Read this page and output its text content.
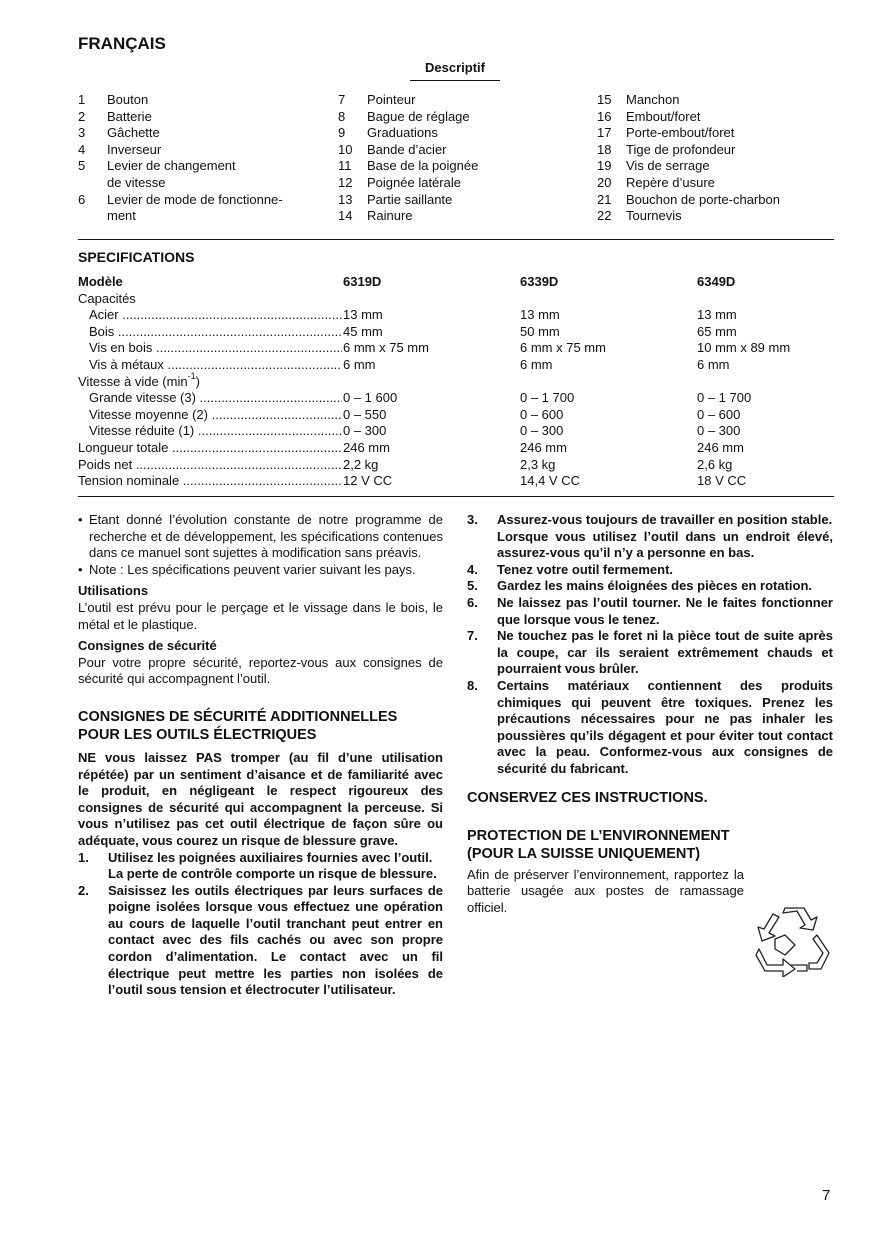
FRANÇAIS
Descriptif
1 Bouton
2 Batterie
3 Gâchette
4 Inverseur
5 Levier de changement
de vitesse
6 Levier de mode de fonctionne-
ment
7 Pointeur
8 Bague de réglage
9 Graduations
10 Bande d’acier
11 Base de la poignée
12 Poignée latérale
13 Partie saillante
14 Rainure
15 Manchon
16 Embout/foret
17 Porte-embout/foret
18 Tige de profondeur
19 Vis de serrage
20 Repère d’usure
21 Bouchon de porte-charbon
22 Tournevis
SPECIFICATIONS
Modèle	6319D	6339D	6349D
Capacités
Acier .....	13 mm	13 mm	13 mm
Bois .....	45 mm	50 mm	65 mm
Vis en bois .....	6 mm x 75 mm	6 mm x 75 mm	10 mm x 89 mm
Vis à métaux .....	6 mm	6 mm	6 mm
Vitesse à vide $(\min^{-1})$
Grande vitesse (3) .....	0 – 1 600	0 – 1 700	0 – 1 700
Vitesse moyenne (2) .....	0 – 550	0 – 600	0 – 600
Vitesse réduite (1) .....	0 – 300	0 – 300	0 – 300
Longueur totale .....	246 mm	246 mm	246 mm
Poids net .....	2,2 kg	2,3 kg	2,6 kg
Tension nominale .....	12 V CC	14,4 V CC	18 V CC
• Etant donné l’évolution constante de notre programme de recherche et de développement, les spécifications contenues dans ce manuel sont sujettes à modification sans préavis.
• Note : Les spécifications peuvent varier suivant les pays.

Utilisations

L’outil est prévu pour le perçage et le vissage dans le bois, le métal et le plastique.

Consignes de sécurité

Pour votre propre sécurité, reportez-vous aux consignes de sécurité qui accompagnent l’outil.

CONSIGNES DE SÉCURITÉ ADDITIONNELLES
POUR LES OUTILS ÉLECTRIQUES

NE vous laissez PAS tromper (au fil d’une utilisation répétée) par un sentiment d’aisance et de familiarité avec le produit, en négligeant le respect rigoureux des consignes de sécurité qui accompagnent la perceuse. Si vous n’utilisez pas cet outil électrique de façon sûre ou adéquate, vous courez un risque de blessure grave.

1. Utilisez les poignées auxiliaires fournies avec l’outil.
La perte de contrôle comporte un risque de blessure.
2. Saisissez les outils électriques par leurs surfaces de poigne isolées lorsque vous effectuez une opération au cours de laquelle l’outil tranchant peut entrer en contact avec des fils cachés ou avec son propre cordon d’alimentation. Le contact avec un fil électrique peut mettre les parties non isolées de l’outil sous tension et électrocuter l’utilisateur.
3. Assurez-vous toujours de travailler en position stable.
Lorsque vous utilisez l’outil dans un endroit élevé, assurez-vous qu’il n’y a personne en bas.
4. Tenez votre outil fermement.
5. Gardez les mains éloignées des pièces en rotation.
6. Ne laissez pas l’outil tourner. Ne le faites fonctionner que lorsque vous le tenez.
7. Ne touchez pas le foret ni la pièce tout de suite après la coupe, car ils seraient extrêmement chauds et pourraient vous brûler.
8. Certains matériaux contiennent des produits chimiques qui peuvent être toxiques. Prenez les précautions nécessaires pour ne pas inhaler les poussières qu’ils dégagent et pour éviter tout contact avec la peau. Conformez-vous aux consignes de sécurité du fabricant.

CONSERVEZ CES INSTRUCTIONS.

PROTECTION DE L’ENVIRONNEMENT
(POUR LA SUISSE UNIQUEMENT)

Afin de préserver l’environnement, rapportez la batterie usagée aux postes de ramassage officiel.

7
